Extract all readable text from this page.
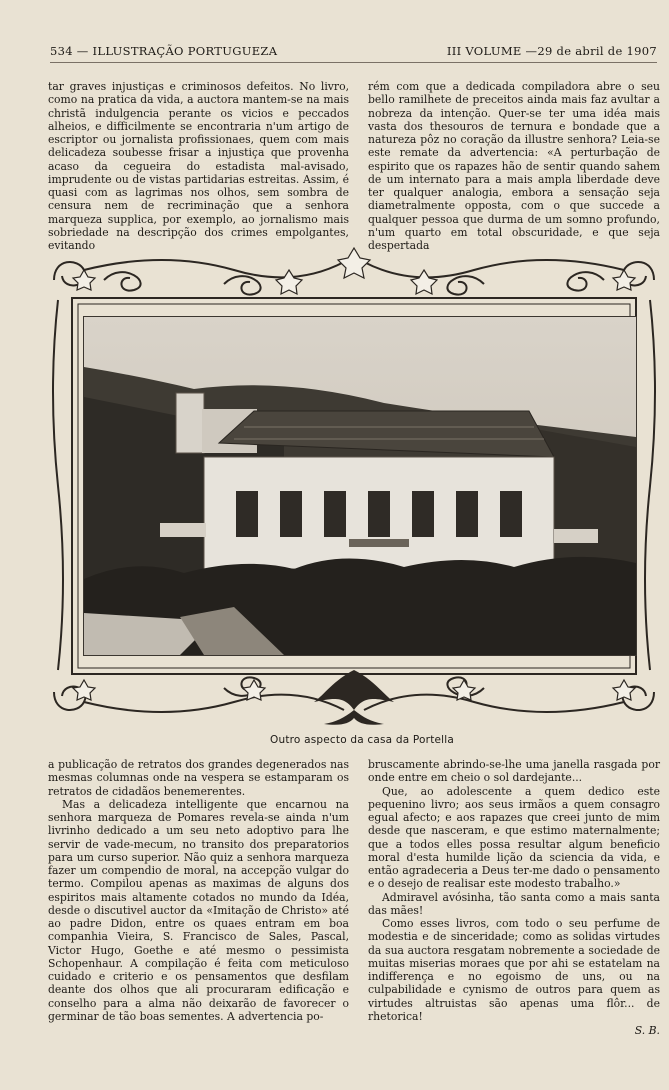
534 — ILLUSTRAÇÃO PORTUGUEZA	III VOLUME —29 de abril de 1907

tar graves injustiças e criminosos defeitos. No livro, como na pratica da vida, a auctora mantem-se na mais christã indulgencia perante os vicios e peccados alheios, e difficilmente se encontraria n'um artigo de escriptor ou jornalista profissionaes, quem com mais delicadeza soubesse frisar a injustiça que provenha acaso da cegueira do estadista mal-avisado, imprudente ou de vistas partidarias estreitas. Assim, é quasi com as lagrimas nos olhos, sem sombra de censura nem de recriminação que a senhora marqueza supplica, por exemplo, ao jornalismo mais sobriedade na descripção dos crimes empolgantes, evitando

rém com que a dedicada compiladora abre o seu bello ramilhete de preceitos ainda mais faz avultar a nobreza da intenção. Quer-se ter uma idéa mais vasta dos thesouros de ternura e bondade que a natureza pôz no coração da illustre senhora? Leia-se este remate da advertencia: «A perturbação de espirito que os rapazes hão de sentir quando sahem de um internato para a mais ampla liberdade deve ter qualquer analogia, embora a sensação seja diametralmente opposta, com o que succede a qualquer pessoa que durma de um somno profundo, n'um quarto em total obscuridade, e que seja despertada

Outro aspecto da casa da Portella

a publicação de retratos dos grandes degenerados nas mesmas columnas onde na vespera se estamparam os retratos de cidadãos benemerentes.

Mas a delicadeza intelligente que encarnou na senhora marqueza de Pomares revela-se ainda n'um livrinho dedicado a um seu neto adoptivo para lhe servir de vade-mecum, no transito dos preparatorios para um curso superior. Não quiz a senhora marqueza fazer um compendio de moral, na accepção vulgar do termo. Compilou apenas as maximas de alguns dos espiritos mais altamente cotados no mundo da Idéa, desde o discutivel auctor da «Imitação de Christo» até ao padre Didon, entre os quaes entram em boa companhia Vieira, S. Francisco de Sales, Pascal, Victor Hugo, Goethe e até mesmo o pessimista Schopenhaur. A compilação é feita com meticuloso cuidado e criterio e os pensamentos que desfilam deante dos olhos que ali procuraram edificação e conselho para a alma não deixarão de favorecer o germinar de tão boas sementes. A advertencia po-

bruscamente abrindo-se-lhe uma janella rasgada por onde entre em cheio o sol dardejante...

Que, ao adolescente a quem dedico este pequenino livro; aos seus irmãos a quem consagro egual afecto; e aos rapazes que creei junto de mim desde que nasceram, e que estimo maternalmente; que a todos elles possa resultar algum beneficio moral d'esta humilde lição da sciencia da vida, e então agradeceria a Deus ter-me dado o pensamento e o desejo de realisar este modesto trabalho.»

Admiravel avósinha, tão santa como a mais santa das mães!

Como esses livros, com todo o seu perfume de modestia e de sinceridade; como as solidas virtudes da sua auctora resgatam nobremente a sociedade de muitas miserias moraes que por ahi se estatelam na indifferença e no egoismo de uns, ou na culpabilidade e cynismo de outros para quem as virtudes altruistas são apenas uma flôr... de rhetorica!

S. B.
